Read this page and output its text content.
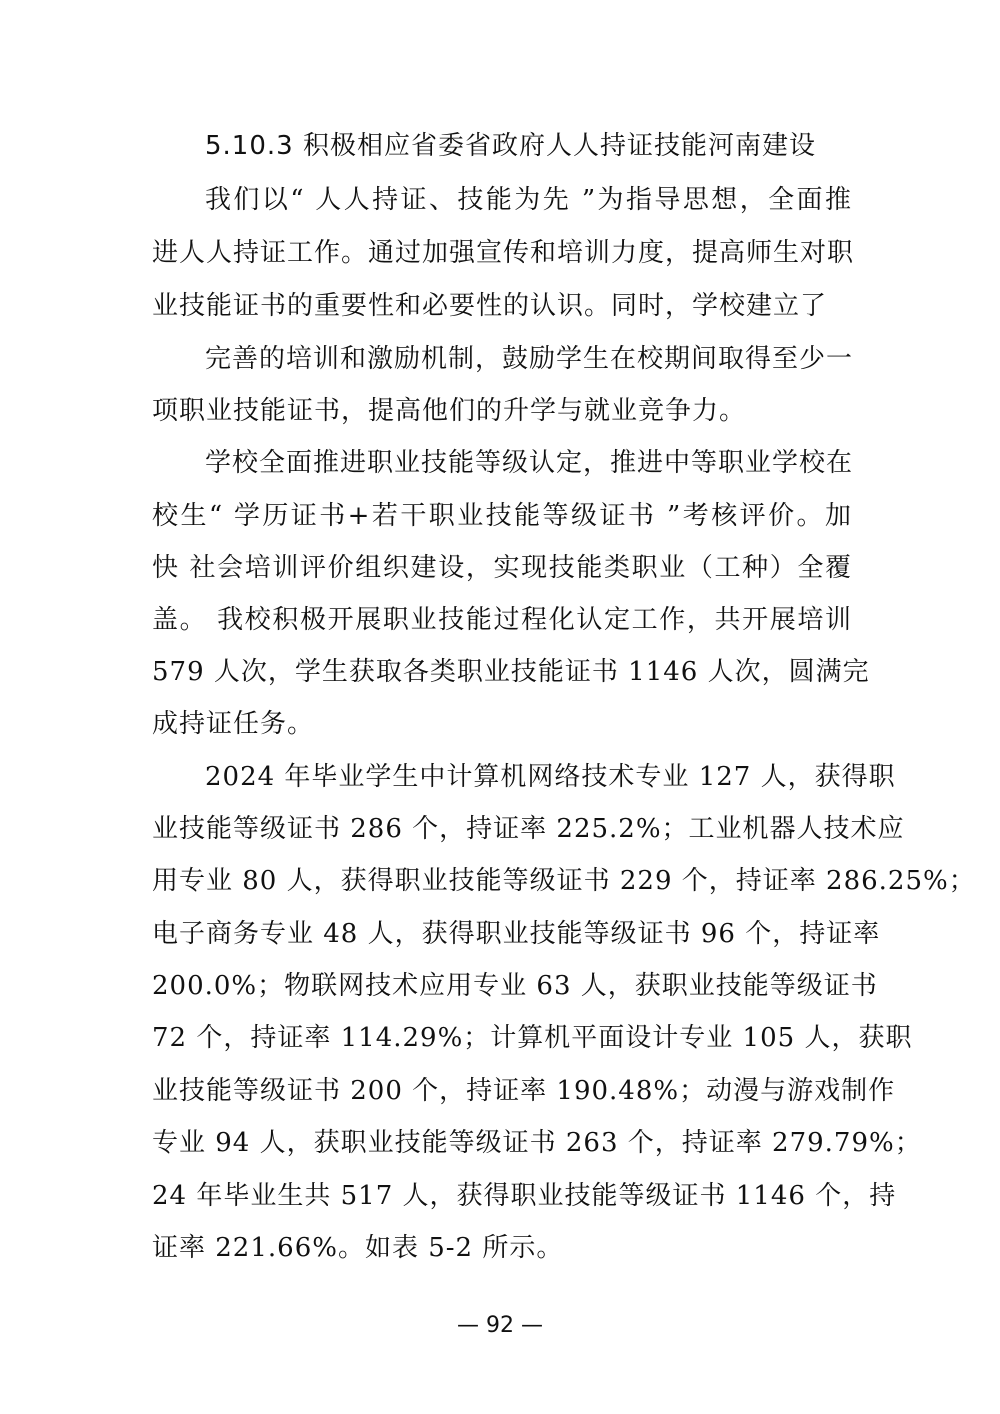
5.10.3 积极相应省委省政府人人持证技能河南建设
我们以“ 人人持证、技能为先 ”为指导思想，全面推
进人人持证工作。通过加强宣传和培训力度，提高师生对职
业技能证书的重要性和必要性的认识。同时，学校建立了
完善的培训和激励机制，鼓励学生在校期间取得至少一
项职业技能证书，提高他们的升学与就业竞争力。
学校全面推进职业技能等级认定，推进中等职业学校在
校生“ 学历证书+若干职业技能等级证书 ”考核评价。加
快 社会培训评价组织建设，实现技能类职业（工种）全覆
盖。 我校积极开展职业技能过程化认定工作，共开展培训
579 人次，学生获取各类职业技能证书 1146 人次，圆满完
成持证任务。
2024 年毕业学生中计算机网络技术专业 127 人，获得职
业技能等级证书 286 个，持证率 225.2%；工业机器人技术应
用专业 80 人，获得职业技能等级证书 229 个，持证率 286.25%；
电子商务专业 48 人，获得职业技能等级证书 96 个，持证率
200.0%；物联网技术应用专业 63 人，获职业技能等级证书
72 个，持证率 114.29%；计算机平面设计专业 105 人，获职
业技能等级证书 200 个，持证率 190.48%；动漫与游戏制作
专业 94 人，获职业技能等级证书 263 个，持证率 279.79%；
24 年毕业生共 517 人，获得职业技能等级证书 1146 个，持
证率 221.66%。如表 5-2 所示。
— 92 —
